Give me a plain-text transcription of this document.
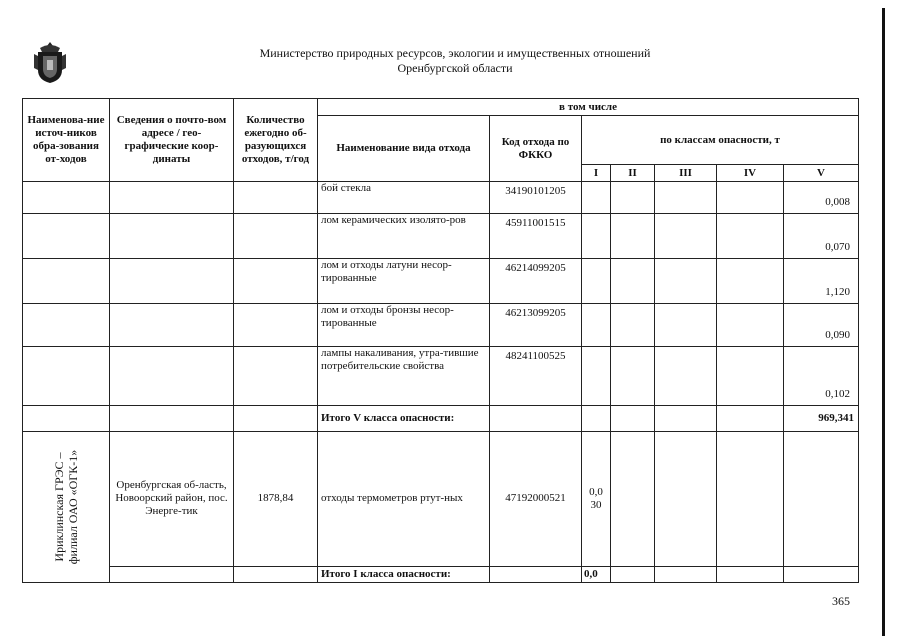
Министерство природных ресурсов, экологии и имущественных отношений
Оренбургской области
Наименова-ние источ-ников обра-зования от-ходов	Сведения о почто-вом адресе / гео-графические коор-динаты	Количество ежегодно об-разующихся отходов, т/год	в том числе						
			Наименование вида отхода	Код отхода по ФККО	по классам опасности, т				
					I	II	III	IV	V
			бой стекла	34190101205					0,008
			лом керамических изолято-ров	45911001515					0,070
			лом и отходы латуни несор-тированные	46214099205					1,120
			лом и отходы бронзы несор-тированные	46213099205					0,090
			лампы накаливания, утра-тившие потребительские свойства	48241100525					0,102
			Итого V класса опасности:						969,341

Ириклинская ГРЭС – филиал ОАО «ОГК-1»	Оренбургская об-ласть, Новоорский район, пос. Энерге-тик	1878,84	отходы термометров ртут-ных	47192000521	0,0 30				
			Итого I класса опасности:		0,0				
365
